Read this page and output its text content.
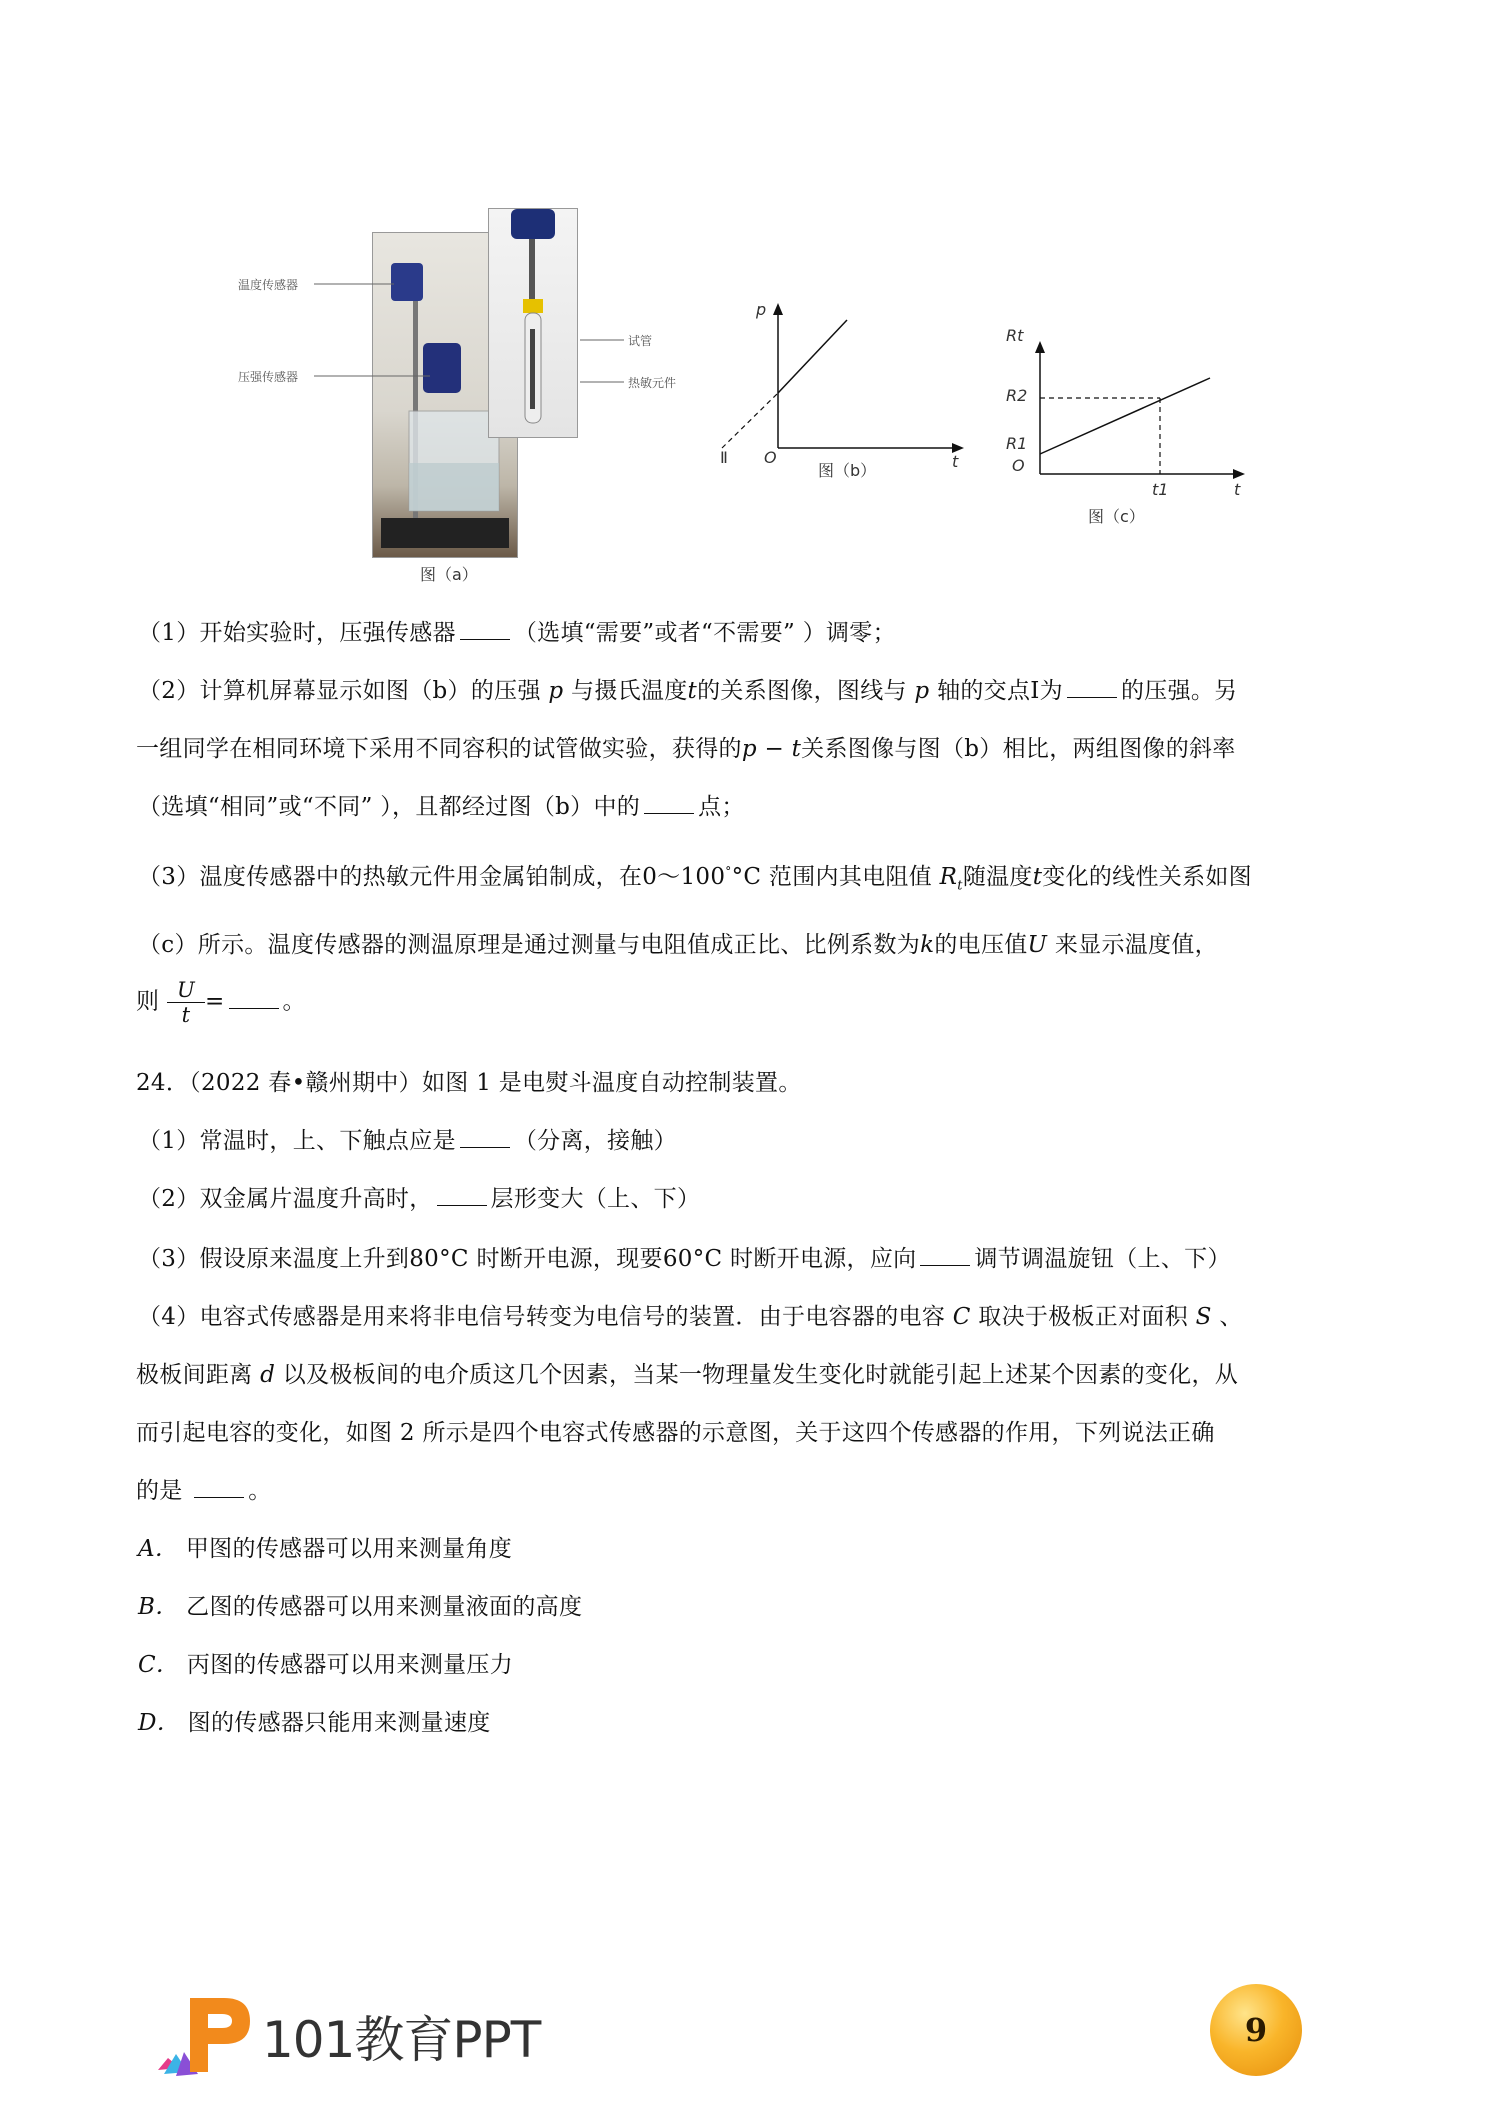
温度传感器
压强传感器
试管
热敏元件
图（a）
p
t
O
Ⅱ
图（b）
Rt
t
O
R2
R1
t1
图（c）
（1）开始实验时，压强传感器	（选填“需要”或者“不需要” ）调零；
（2）计算机屏幕显示如图（b）的压强 p 与摄氏温度t的关系图像，图线与 p 轴的交点Ⅰ为	的压强。另
一组同学在相同环境下采用不同容积的试管做实验，获得的p − t关系图像与图（b）相比，两组图像的斜率
（选填“相同”或“不同” ），且都经过图（b）中的	点；
（3）温度传感器中的热敏元件用金属铂制成，在0～100°°C 范围内其电阻值 $R_t$随温度t变化的线性关系如图
（c）所示。温度传感器的测温原理是通过测量与电阻值成正比、比例系数为k的电压值U 来显示温度值，
则 $\frac{U}{t}$ =	。
24．（2022 春•赣州期中）如图 1 是电熨斗温度自动控制装置。
（1）常温时，上、下触点应是	（分离，接触）
（2）双金属片温度升高时，	层形变大（上、下）
（3）假设原来温度上升到80°C 时断开电源，现要60°C 时断开电源，应向	调节调温旋钮（上、下）
（4）电容式传感器是用来将非电信号转变为电信号的装置．由于电容器的电容 C 取决于极板正对面积 S 、
极板间距离 d 以及极板间的电介质这几个因素，当某一物理量发生变化时就能引起上述某个因素的变化，从
而引起电容的变化，如图 2 所示是四个电容式传感器的示意图，关于这四个传感器的作用，下列说法正确
的是	。
A． 甲图的传感器可以用来测量角度
B． 乙图的传感器可以用来测量液面的高度
C． 丙图的传感器可以用来测量压力
D． 图的传感器只能用来测量速度
101教育PPT	9
